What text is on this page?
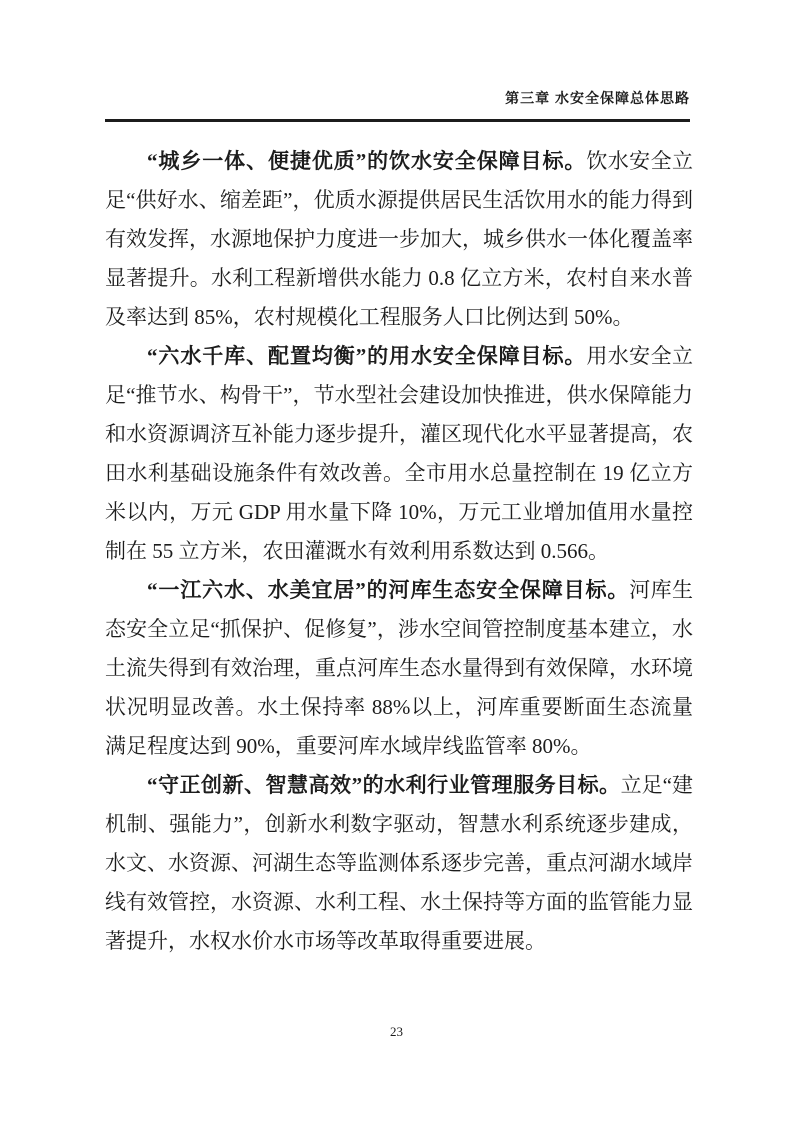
第三章 水安全保障总体思路

“城乡一体、便捷优质”的饮水安全保障目标。饮水安全立足“供好水、缩差距”，优质水源提供居民生活饮用水的能力得到有效发挥，水源地保护力度进一步加大，城乡供水一体化覆盖率显著提升。水利工程新增供水能力 0.8 亿立方米，农村自来水普及率达到 85%，农村规模化工程服务人口比例达到 50%。

“六水千库、配置均衡”的用水安全保障目标。用水安全立足“推节水、构骨干”，节水型社会建设加快推进，供水保障能力和水资源调济互补能力逐步提升，灌区现代化水平显著提高，农田水利基础设施条件有效改善。全市用水总量控制在 19 亿立方米以内，万元 GDP 用水量下降 10%，万元工业增加值用水量控制在 55 立方米，农田灌溉水有效利用系数达到 0.566。

“一江六水、水美宜居”的河库生态安全保障目标。河库生态安全立足“抓保护、促修复”，涉水空间管控制度基本建立，水土流失得到有效治理，重点河库生态水量得到有效保障，水环境状况明显改善。水土保持率 88%以上，河库重要断面生态流量满足程度达到 90%，重要河库水域岸线监管率 80%。

“守正创新、智慧高效”的水利行业管理服务目标。立足“建机制、强能力”，创新水利数字驱动，智慧水利系统逐步建成，水文、水资源、河湖生态等监测体系逐步完善，重点河湖水域岸线有效管控，水资源、水利工程、水土保持等方面的监管能力显著提升，水权水价水市场等改革取得重要进展。

23
